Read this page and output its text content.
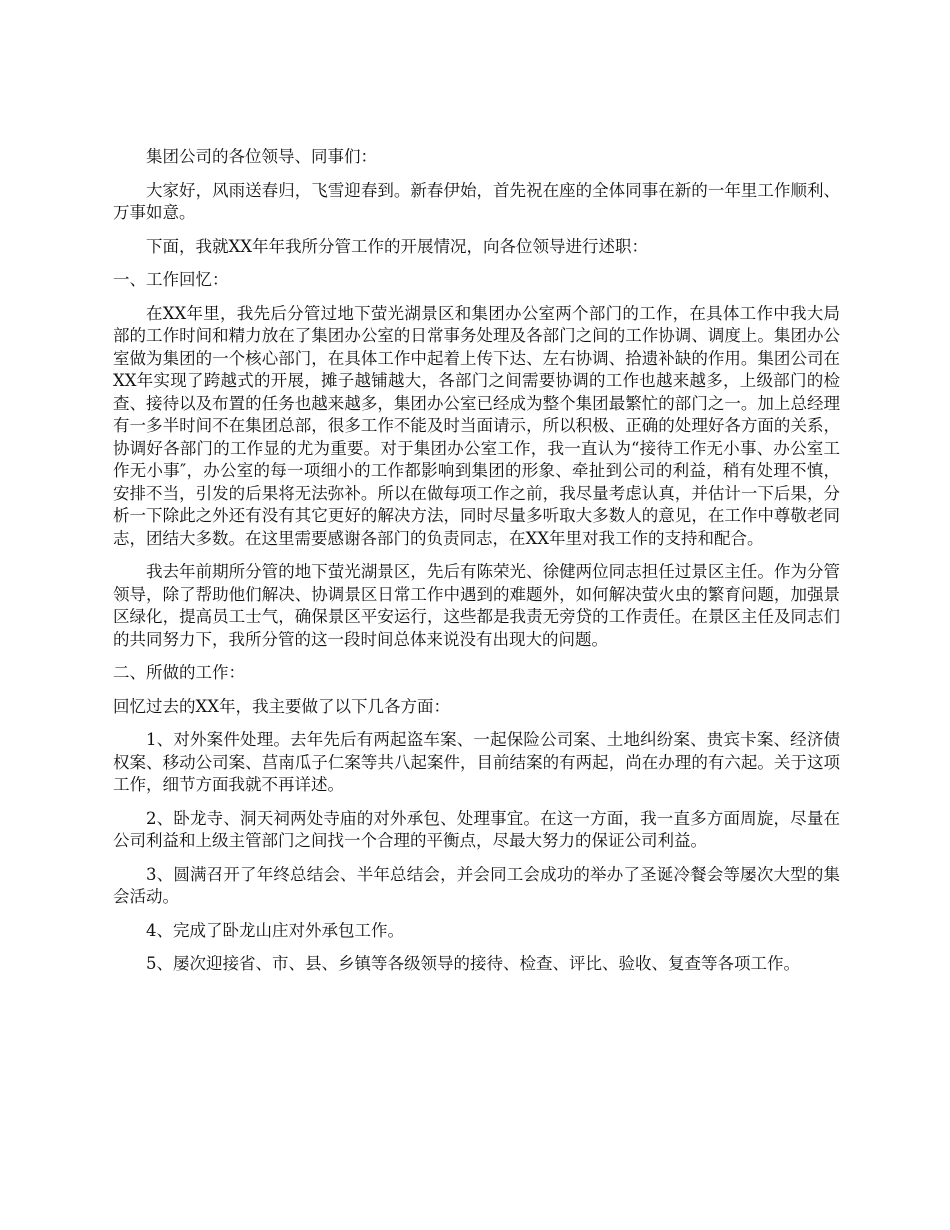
集团公司的各位领导、同事们：

大家好，风雨送春归，飞雪迎春到。新春伊始，首先祝在座的全体同事在新的一年里工作顺利、万事如意。

下面，我就XX年年我所分管工作的开展情况，向各位领导进行述职：

一、工作回忆：

在XX年里，我先后分管过地下萤光湖景区和集团办公室两个部门的工作，在具体工作中我大局部的工作时间和精力放在了集团办公室的日常事务处理及各部门之间的工作协调、调度上。集团办公室做为集团的一个核心部门，在具体工作中起着上传下达、左右协调、拾遗补缺的作用。集团公司在XX年实现了跨越式的开展，摊子越铺越大，各部门之间需要协调的工作也越来越多，上级部门的检查、接待以及布置的任务也越来越多，集团办公室已经成为整个集团最繁忙的部门之一。加上总经理有一多半时间不在集团总部，很多工作不能及时当面请示，所以积极、正确的处理好各方面的关系，协调好各部门的工作显的尤为重要。对于集团办公室工作，我一直认为“接待工作无小事、办公室工作无小事″，办公室的每一项细小的工作都影响到集团的形象、牵扯到公司的利益，稍有处理不慎，安排不当，引发的后果将无法弥补。所以在做每项工作之前，我尽量考虑认真，并估计一下后果，分析一下除此之外还有没有其它更好的解决方法，同时尽量多听取大多数人的意见，在工作中尊敬老同志，团结大多数。在这里需要感谢各部门的负责同志，在XX年里对我工作的支持和配合。

我去年前期所分管的地下萤光湖景区，先后有陈荣光、徐健两位同志担任过景区主任。作为分管领导，除了帮助他们解决、协调景区日常工作中遇到的难题外，如何解决萤火虫的繁育问题，加强景区绿化，提高员工士气，确保景区平安运行，这些都是我责无旁贷的工作责任。在景区主任及同志们的共同努力下，我所分管的这一段时间总体来说没有出现大的问题。

二、所做的工作：

回忆过去的XX年，我主要做了以下几各方面：

1、对外案件处理。去年先后有两起盗车案、一起保险公司案、土地纠纷案、贵宾卡案、经济债权案、移动公司案、莒南瓜子仁案等共八起案件，目前结案的有两起，尚在办理的有六起。关于这项工作，细节方面我就不再详述。

2、卧龙寺、洞天祠两处寺庙的对外承包、处理事宜。在这一方面，我一直多方面周旋，尽量在公司利益和上级主管部门之间找一个合理的平衡点，尽最大努力的保证公司利益。

3、圆满召开了年终总结会、半年总结会，并会同工会成功的举办了圣诞冷餐会等屡次大型的集会活动。

4、完成了卧龙山庄对外承包工作。

5、屡次迎接省、市、县、乡镇等各级领导的接待、检查、评比、验收、复查等各项工作。
